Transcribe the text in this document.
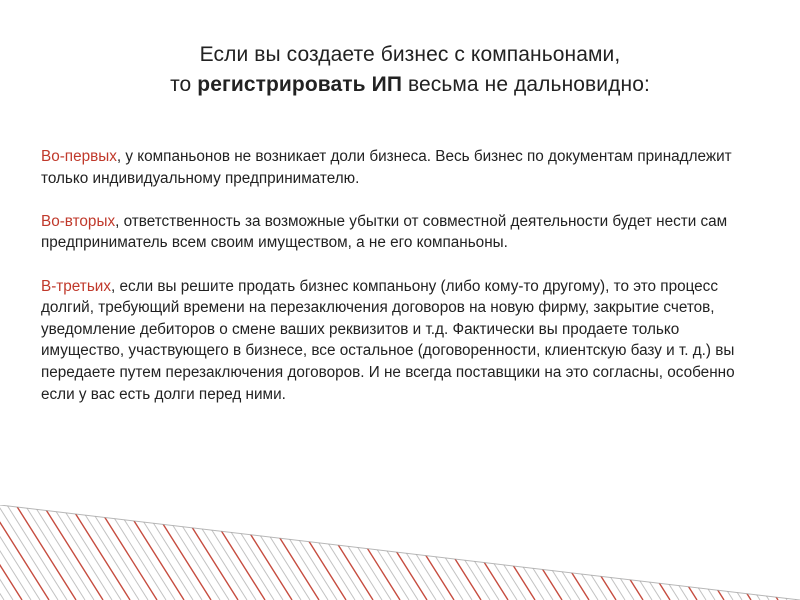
Если вы создаете бизнес с компаньонами,
то регистрировать ИП весьма не дальновидно:

Во-первых, у компаньонов не возникает доли бизнеса. Весь бизнес по документам принадлежит только индивидуальному предпринимателю.

Во-вторых, ответственность за возможные убытки от совместной деятельности будет нести сам предприниматель всем своим имуществом, а не его компаньоны.

В-третьих, если вы решите продать бизнес компаньону (либо кому-то другому), то это процесс долгий, требующий времени на перезаключения договоров на новую фирму, закрытие счетов, уведомление дебиторов о смене ваших реквизитов и т.д. Фактически вы продаете только имущество, участвующего в бизнесе, все остальное (договоренности, клиентскую базу и т. д.) вы передаете путем перезаключения договоров. И не всегда поставщики на это согласны, особенно если у вас есть долги перед ними.
